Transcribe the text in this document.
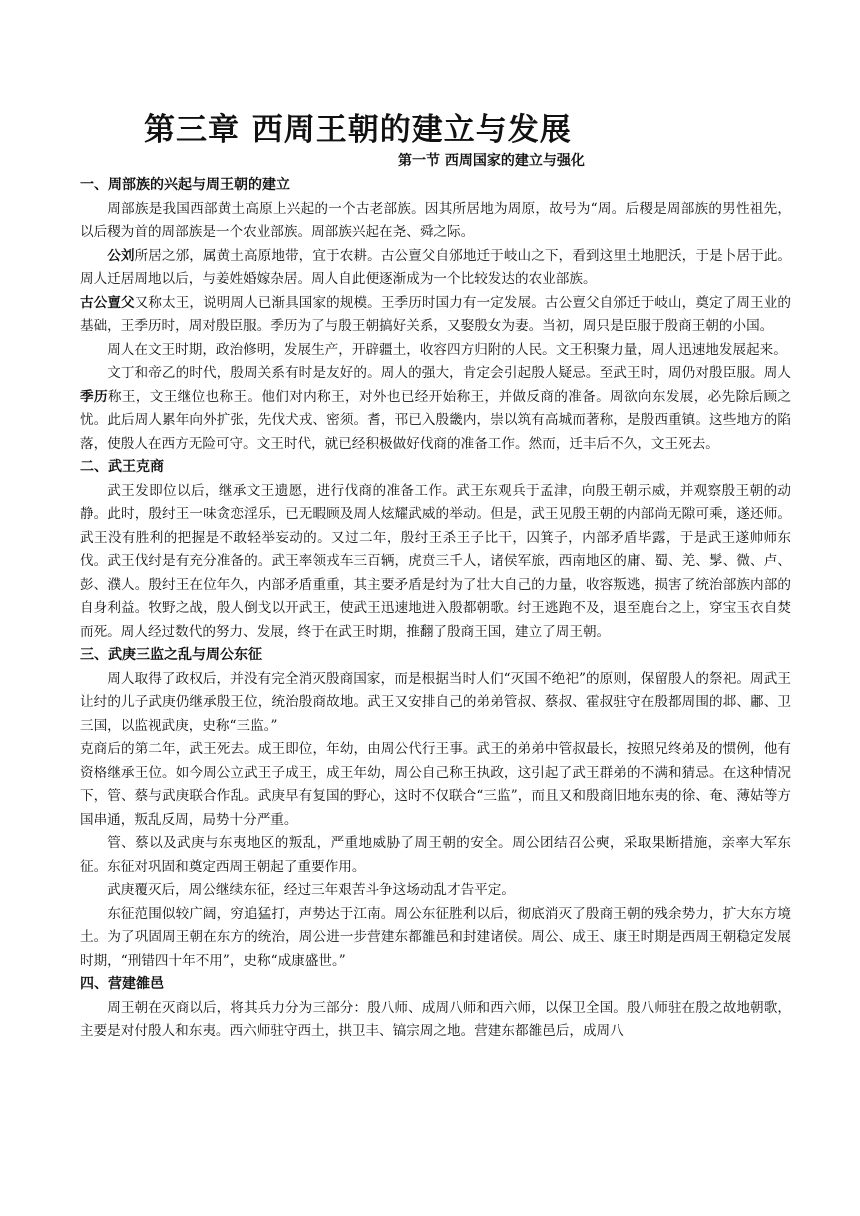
第三章 西周王朝的建立与发展
第一节 西周国家的建立与强化

一、周部族的兴起与周王朝的建立

周部族是我国西部黄土高原上兴起的一个古老部族。因其所居地为周原，故号为“周。后稷是周部族的男性祖先，以后稷为首的周部族是一个农业部族。周部族兴起在尧、舜之际。

公刘所居之邠，属黄土高原地带，宜于农耕。古公亶父自邠地迁于岐山之下，看到这里土地肥沃，于是卜居于此。周人迁居周地以后，与姜姓婚嫁杂居。周人自此便逐渐成为一个比较发达的农业部族。

古公亶父又称太王，说明周人已渐具国家的规模。王季历时国力有一定发展。古公亶父自邠迁于岐山，奠定了周王业的基础，王季历时，周对殷臣服。季历为了与殷王朝搞好关系，又娶殷女为妻。当初，周只是臣服于殷商王朝的小国。

周人在文王时期，政治修明，发展生产，开辟疆土，收容四方归附的人民。文王积聚力量，周人迅速地发展起来。

文丁和帝乙的时代，殷周关系有时是友好的。周人的强大，肯定会引起殷人疑忌。至武王时，周仍对殷臣服。周人季历称王，文王继位也称王。他们对内称王，对外也已经开始称王，并做反商的准备。周欲向东发展，必先除后顾之忧。此后周人累年向外扩张，先伐犬戎、密须。耆，邗已入殷畿内，崇以筑有高城而著称，是殷西重镇。这些地方的陷落，使殷人在西方无险可守。文王时代，就已经积极做好伐商的准备工作。然而，迁丰后不久，文王死去。

二、武王克商

武王发即位以后，继承文王遗愿，进行伐商的准备工作。武王东观兵于孟津，向殷王朝示威，并观察殷王朝的动静。此时，殷纣王一味贪恋淫乐，已无暇顾及周人炫耀武威的举动。但是，武王见殷王朝的内部尚无隙可乘，遂还师。武王没有胜利的把握是不敢轻举妄动的。又过二年，殷纣王杀王子比干，囚箕子，内部矛盾毕露，于是武王遂帅师东伐。武王伐纣是有充分准备的。武王率领戎车三百辆，虎贲三千人，诸侯军旅，西南地区的庸、蜀、羌、髳、微、卢、彭、濮人。殷纣王在位年久，内部矛盾重重，其主要矛盾是纣为了壮大自己的力量，收容叛逃，损害了统治部族内部的自身利益。牧野之战，殷人倒戈以开武王，使武王迅速地进入殷都朝歌。纣王逃跑不及，退至鹿台之上，穿宝玉衣自焚而死。周人经过数代的努力、发展，终于在武王时期，推翻了殷商王国，建立了周王朝。

三、武庚三监之乱与周公东征

周人取得了政权后，并没有完全消灭殷商国家，而是根据当时人们“灭国不绝祀”的原则，保留殷人的祭祀。周武王让纣的儿子武庚仍继承殷王位，统治殷商故地。武王又安排自己的弟弟管叔、蔡叔、霍叔驻守在殷都周围的邶、鄘、卫三国，以监视武庚，史称“三监。”

克商后的第二年，武王死去。成王即位，年幼，由周公代行王事。武王的弟弟中管叔最长，按照兄终弟及的惯例，他有资格继承王位。如今周公立武王子成王，成王年幼，周公自己称王执政，这引起了武王群弟的不满和猜忌。在这种情况下，管、蔡与武庚联合作乱。武庚早有复国的野心，这时不仅联合“三监”，而且又和殷商旧地东夷的徐、奄、薄姑等方国串通，叛乱反周，局势十分严重。

管、蔡以及武庚与东夷地区的叛乱，严重地威胁了周王朝的安全。周公团结召公奭，采取果断措施，亲率大军东征。东征对巩固和奠定西周王朝起了重要作用。

武庚覆灭后，周公继续东征，经过三年艰苦斗争这场动乱才告平定。

东征范围似较广阔，穷追猛打，声势达于江南。周公东征胜利以后，彻底消灭了殷商王朝的残余势力，扩大东方境土。为了巩固周王朝在东方的统治，周公进一步营建东都雒邑和封建诸侯。周公、成王、康王时期是西周王朝稳定发展时期，“刑错四十年不用”，史称“成康盛世。”

四、营建雒邑

周王朝在灭商以后，将其兵力分为三部分：殷八师、成周八师和西六师，以保卫全国。殷八师驻在殷之故地朝歌，主要是对付殷人和东夷。西六师驻守西土，拱卫丰、镐宗周之地。营建东都雒邑后，成周八
